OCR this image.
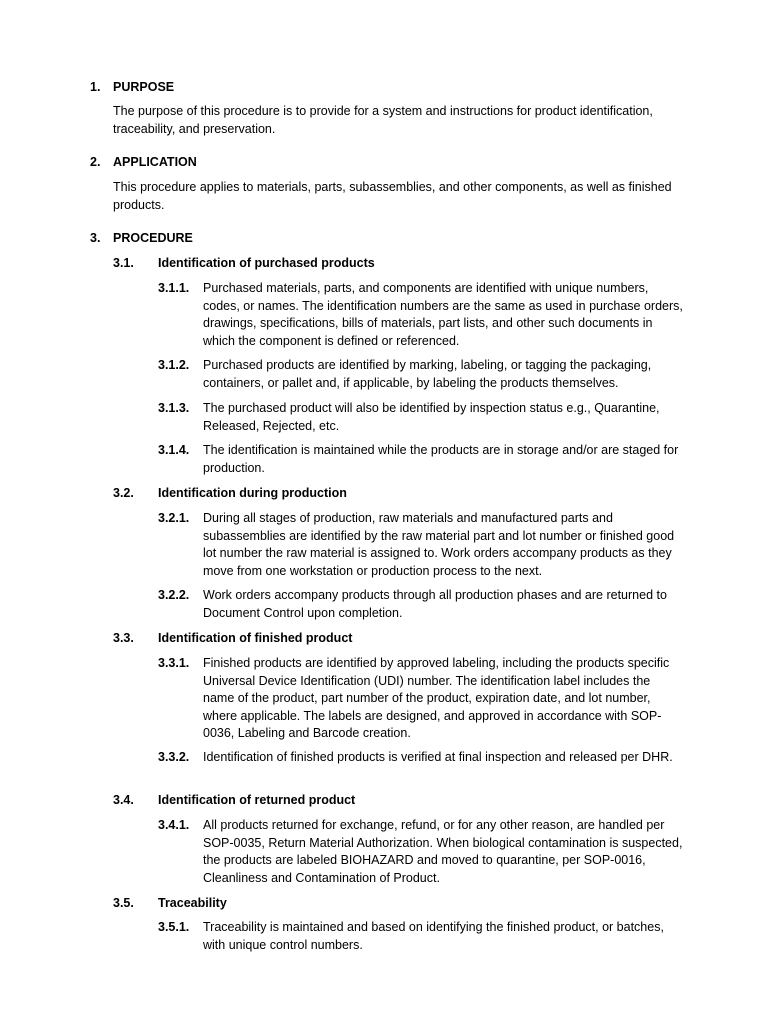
1. PURPOSE
The purpose of this procedure is to provide for a system and instructions for product identification, traceability, and preservation.
2. APPLICATION
This procedure applies to materials, parts, subassemblies, and other components, as well as finished products.
3. PROCEDURE
3.1. Identification of purchased products
3.1.1. Purchased materials, parts, and components are identified with unique numbers, codes, or names. The identification numbers are the same as used in purchase orders, drawings, specifications, bills of materials, part lists, and other such documents in which the component is defined or referenced.
3.1.2. Purchased products are identified by marking, labeling, or tagging the packaging, containers, or pallet and, if applicable, by labeling the products themselves.
3.1.3. The purchased product will also be identified by inspection status e.g., Quarantine, Released, Rejected, etc.
3.1.4. The identification is maintained while the products are in storage and/or are staged for production.
3.2. Identification during production
3.2.1. During all stages of production, raw materials and manufactured parts and subassemblies are identified by the raw material part and lot number or finished good lot number the raw material is assigned to. Work orders accompany products as they move from one workstation or production process to the next.
3.2.2. Work orders accompany products through all production phases and are returned to Document Control upon completion.
3.3. Identification of finished product
3.3.1. Finished products are identified by approved labeling, including the products specific Universal Device Identification (UDI) number. The identification label includes the name of the product, part number of the product, expiration date, and lot number, where applicable. The labels are designed, and approved in accordance with SOP-0036, Labeling and Barcode creation.
3.3.2. Identification of finished products is verified at final inspection and released per DHR.
3.4. Identification of returned product
3.4.1. All products returned for exchange, refund, or for any other reason, are handled per SOP-0035, Return Material Authorization. When biological contamination is suspected, the products are labeled BIOHAZARD and moved to quarantine, per SOP-0016, Cleanliness and Contamination of Product.
3.5. Traceability
3.5.1. Traceability is maintained and based on identifying the finished product, or batches, with unique control numbers.
